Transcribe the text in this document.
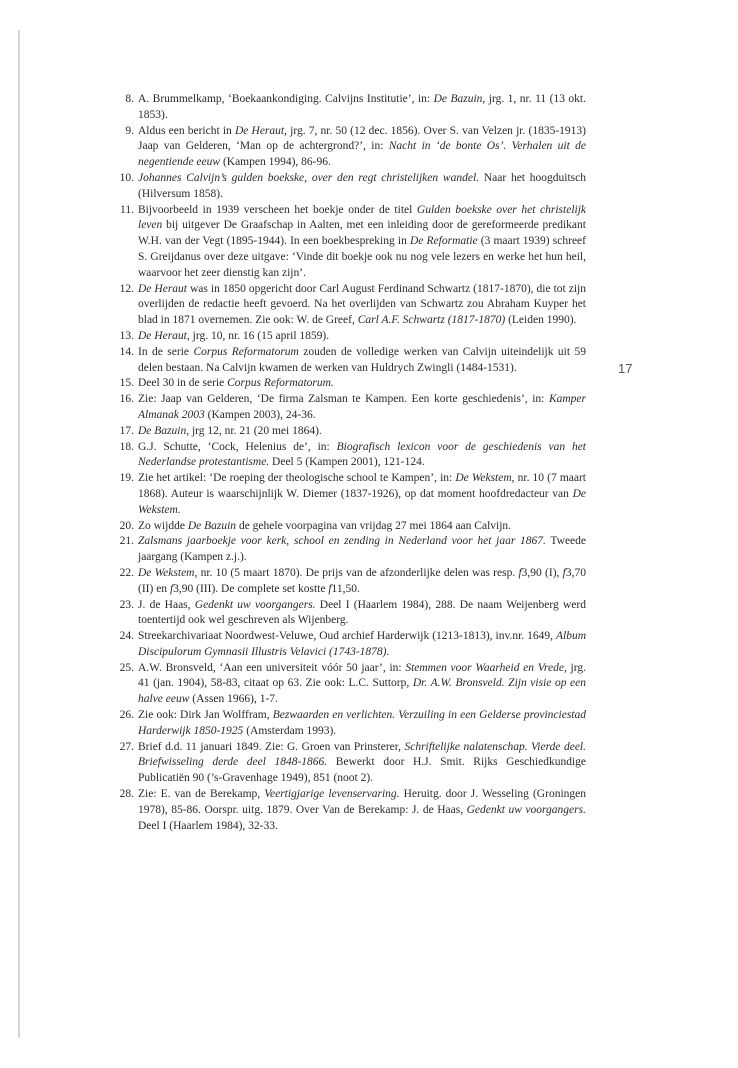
8 . A. Brummelkamp, ‘Boekaankondiging. Calvijns Institutie’, in: De Bazuin, jrg. 1, nr. 11 (13 okt. 1853).
9 . Aldus een bericht in De Heraut, jrg. 7, nr. 50 (12 dec. 1856). Over S. van Velzen jr. (1835-1913) Jaap van Gelderen, ‘Man op de achtergrond?’, in: Nacht in ‘de bonte Os’. Verhalen uit de negentiende eeuw (Kampen 1994), 86-96.
10 . Johannes Calvijn’s gulden boekske, over den regt christelijken wandel. Naar het hoogduitsch (Hilversum 1858).
11 . Bijvoorbeeld in 1939 verscheen het boekje onder de titel Gulden boekske over het christelijk leven bij uitgever De Graafschap in Aalten, met een inleiding door de gereformeerde predikant W.H. van der Vegt (1895-1944). In een boekbespreking in De Reformatie (3 maart 1939) schreef S. Greijdanus over deze uitgave: ‘Vinde dit boekje ook nu nog vele lezers en werke het hun heil, waarvoor het zeer dienstig kan zijn’.
12 . De Heraut was in 1850 opgericht door Carl August Ferdinand Schwartz (1817-1870), die tot zijn overlijden de redactie heeft gevoerd. Na het overlijden van Schwartz zou Abraham Kuyper het blad in 1871 overnemen. Zie ook: W. de Greef, Carl A.F. Schwartz (1817-1870) (Leiden 1990).
13 . De Heraut, jrg. 10, nr. 16 (15 april 1859).
14 . In de serie Corpus Reformatorum zouden de volledige werken van Calvijn uiteindelijk uit 59 delen bestaan. Na Calvijn kwamen de werken van Huldrych Zwingli (1484-1531).
15 . Deel 30 in de serie Corpus Reformatorum.
16 . Zie: Jaap van Gelderen, ‘De firma Zalsman te Kampen. Een korte geschiedenis’, in: Kamper Almanak 2003 (Kampen 2003), 24-36.
17 . De Bazuin, jrg 12, nr. 21 (20 mei 1864).
18 . G.J. Schutte, ‘Cock, Helenius de’, in: Biografisch lexicon voor de geschiedenis van het Nederlandse protestantisme. Deel 5 (Kampen 2001), 121-124.
19 . Zie het artikel: ‘De roeping der theologische school te Kampen’, in: De Wekstem, nr. 10 (7 maart 1868). Auteur is waarschijnlijk W. Diemer (1837-1926), op dat moment hoofdredacteur van De Wekstem.
20 . Zo wijdde De Bazuin de gehele voorpagina van vrijdag 27 mei 1864 aan Calvijn.
21 . Zalsmans jaarboekje voor kerk, school en zending in Nederland voor het jaar 1867. Tweede jaargang (Kampen z.j.).
22 . De Wekstem, nr. 10 (5 maart 1870). De prijs van de afzonderlijke delen was resp. f3,90 (I), f3,70 (II) en f3,90 (III). De complete set kostte f11,50.
23 . J. de Haas, Gedenkt uw voorgangers. Deel I (Haarlem 1984), 288. De naam Weijenberg werd toentertijd ook wel geschreven als Wijenberg.
24 . Streekarchivariaat Noordwest-Veluwe, Oud archief Harderwijk (1213-1813), inv.nr. 1649, Album Discipulorum Gymnasii Illustris Velavici (1743-1878).
25 . A.W. Bronsveld, ‘Aan een universiteit vóór 50 jaar’, in: Stemmen voor Waarheid en Vrede, jrg. 41 (jan. 1904), 58-83, citaat op 63. Zie ook: L.C. Suttorp, Dr. A.W. Bronsveld. Zijn visie op een halve eeuw (Assen 1966), 1-7.
26 . Zie ook: Dirk Jan Wolffram, Bezwaarden en verlichten. Verzuiling in een Gelderse provinciestad Harderwijk 1850-1925 (Amsterdam 1993).
27 . Brief d.d. 11 januari 1849. Zie: G. Groen van Prinsterer, Schriftelijke nalatenschap. Vierde deel. Briefwisseling derde deel 1848-1866. Bewerkt door H.J. Smit. Rijks Geschiedkundige Publicatiën 90 (’s-Gravenhage 1949), 851 (noot 2).
28 . Zie: E. van de Berekamp, Veertigjarige levenservaring. Heruitg. door J. Wesseling (Groningen 1978), 85-86. Oorspr. uitg. 1879. Over Van de Berekamp: J. de Haas, Gedenkt uw voorgangers. Deel I (Haarlem 1984), 32-33.
17
